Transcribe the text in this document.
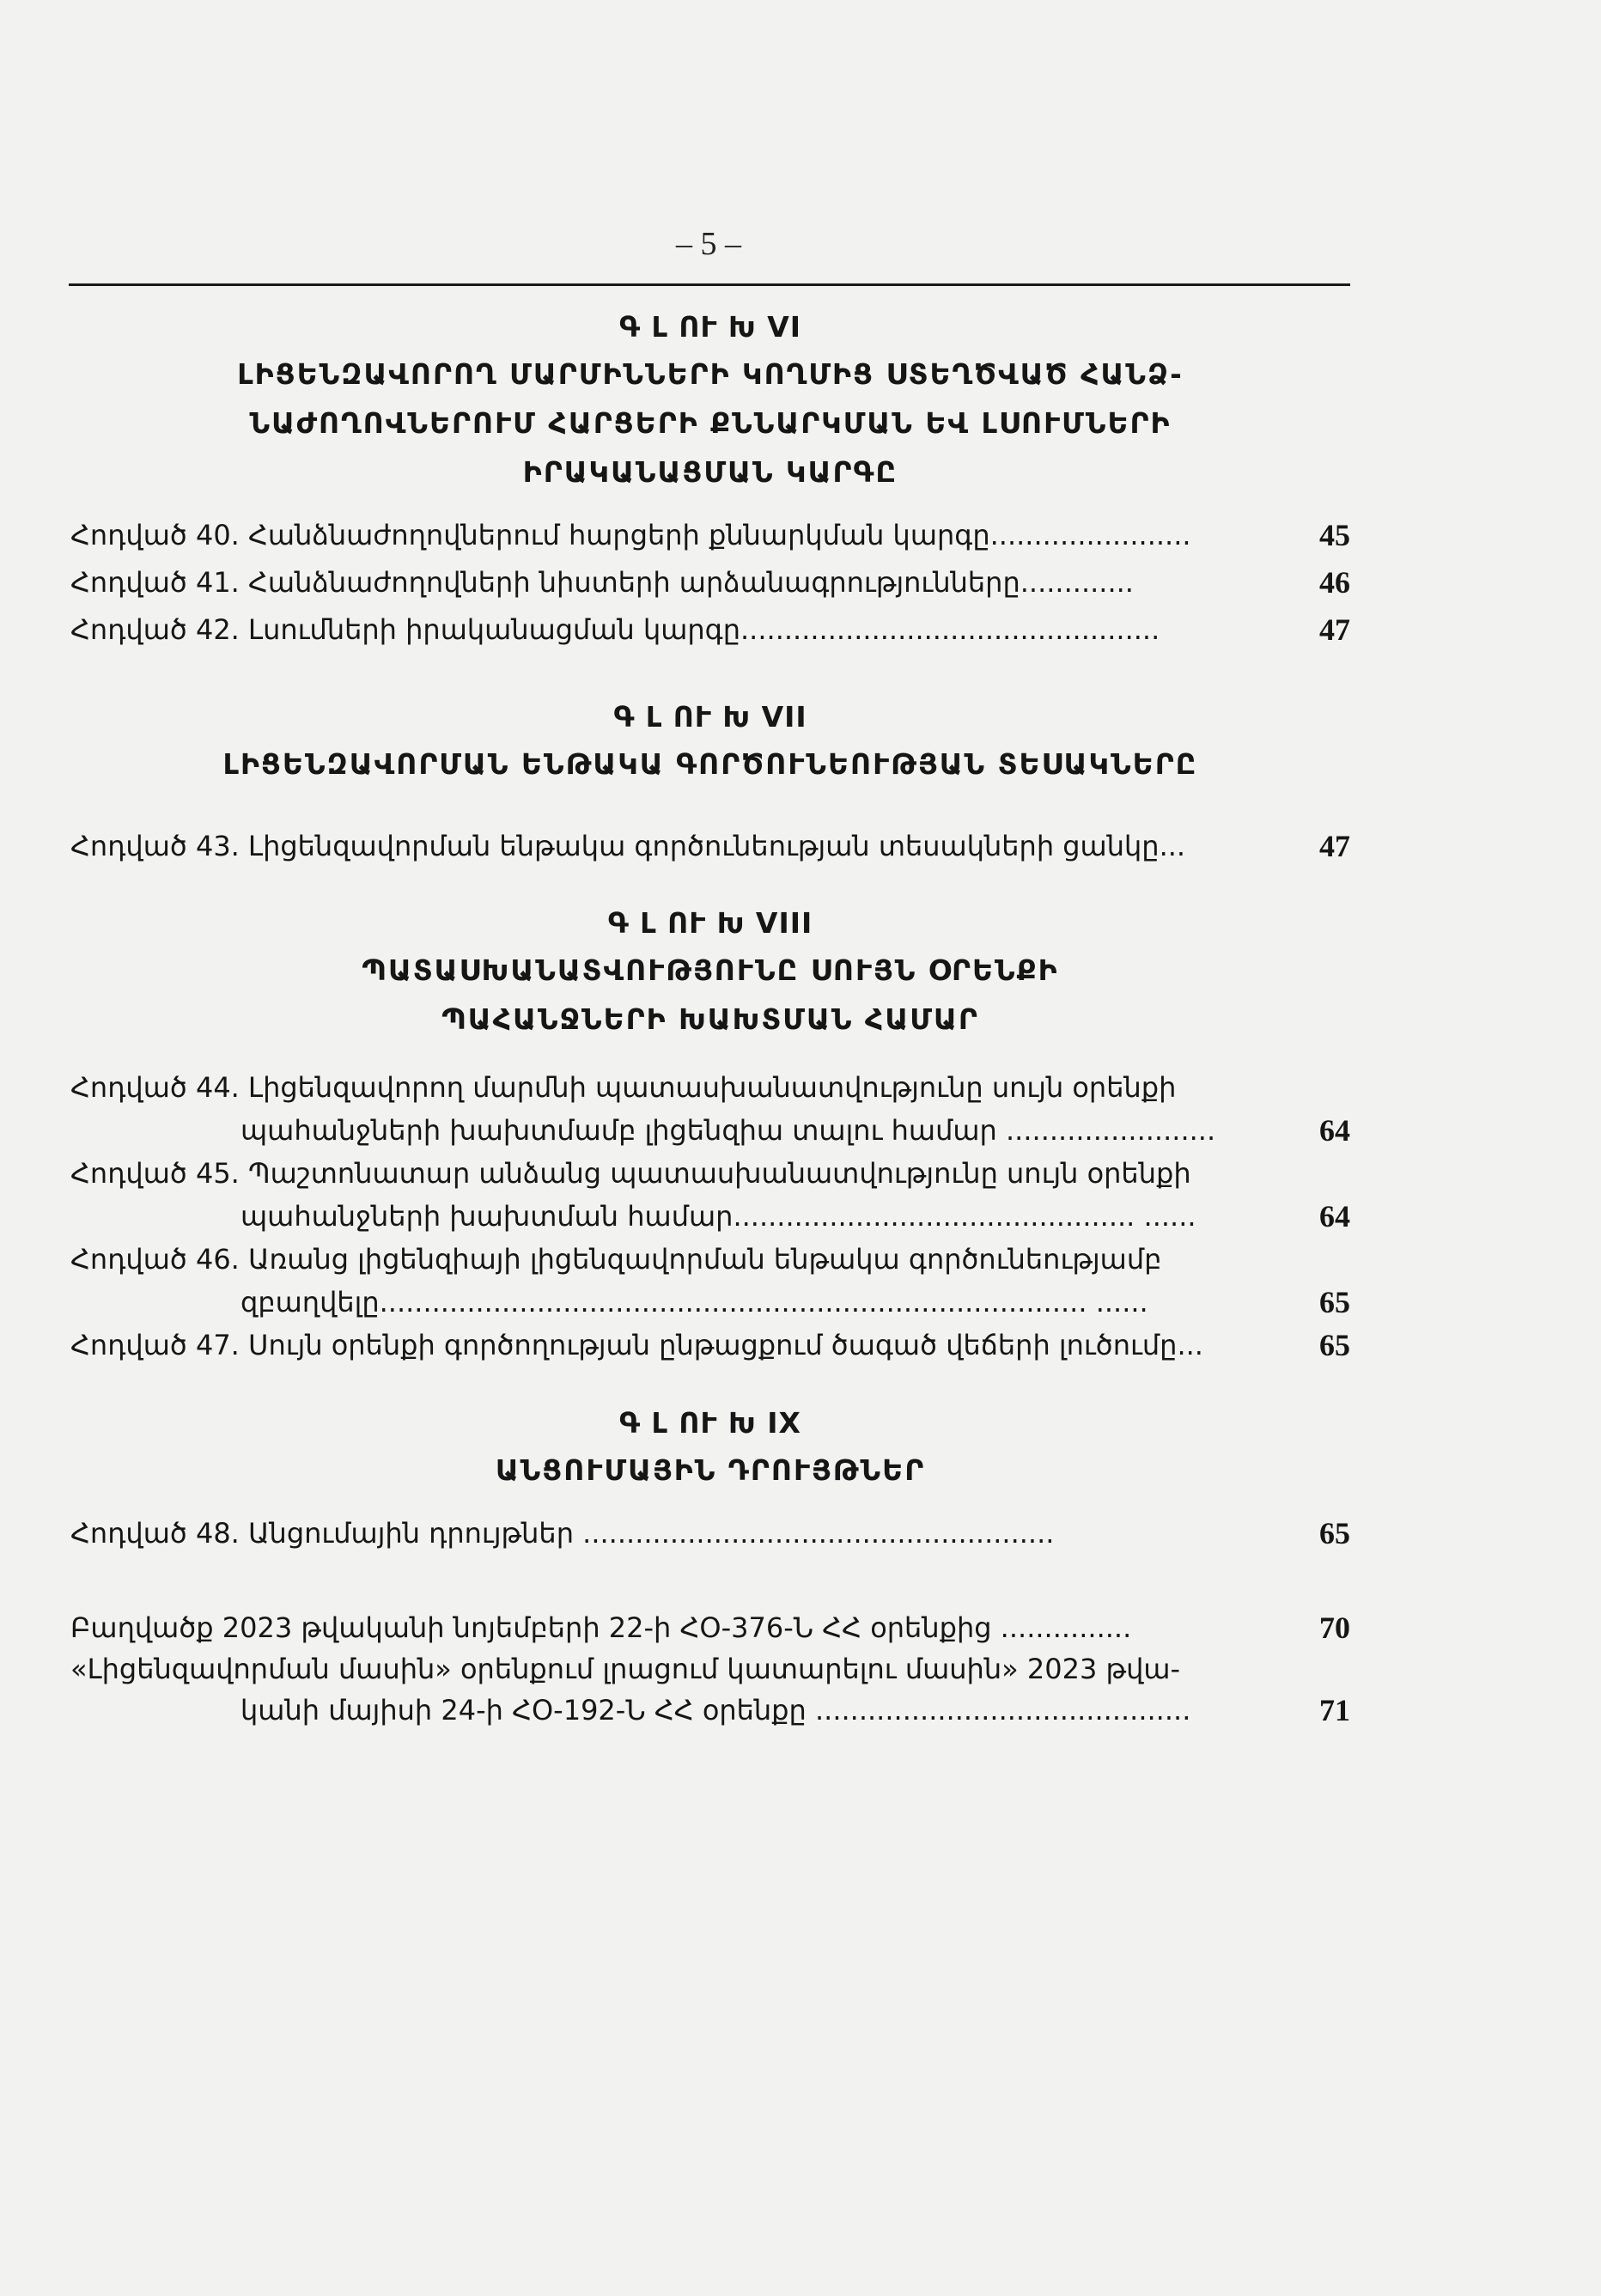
– 5 –
Գ Լ ՈՒ Խ VI
ԼԻՑԵՆԶԱՎՈՐՈՂ ՄԱՐՄԻՆՆԵՐԻ ԿՈՂՄԻՑ ՍՏԵՂԾՎԱԾ ՀԱՆՁ-
ՆԱԺՈՂՈՎՆԵՐՈՒՄ ՀԱՐՑԵՐԻ ՔՆՆԱՐԿՄԱՆ ԵՎ ԼՍՈՒՄՆԵՐԻ
ԻՐԱԿԱՆԱՑՄԱՆ ԿԱՐԳԸ
Հոդված 40. Հանձնաժողովներում հարցերի քննարկման կարգը.......................	45
Հոդված 41. Հանձնաժողովների նիստերի արձանագրությունները.............	46
Հոդված 42. Լսումների իրականացման կարգը................................................	47
Գ Լ ՈՒ Խ VII
ԼԻՑԵՆԶԱՎՈՐՄԱՆ ԵՆԹԱԿԱ ԳՈՐԾՈՒՆԵՈՒԹՅԱՆ ՏԵՍԱԿՆԵՐԸ
Հոդված 43. Լիցենզավորման ենթակա գործունեության տեսակների ցանկը...	47
Գ Լ ՈՒ Խ VIII
ՊԱՏԱՍԽԱՆԱՏՎՈՒԹՅՈՒՆԸ ՍՈՒՅՆ ՕՐԵՆՔԻ
ՊԱՀԱՆՋՆԵՐԻ ԽԱԽՏՄԱՆ ՀԱՄԱՐ
Հոդված 44. Լիցենզավորող մարմնի պատասխանատվությունը սույն օրենքի
պահանջների խախտմամբ լիցենզիա տալու համար ........................	64
Հոդված 45. Պաշտոնատար անձանց պատասխանատվությունը սույն օրենքի
պահանջների խախտման համար.............................................. ......	64
Հոդված 46. Առանց լիցենզիայի լիցենզավորման ենթակա գործունեությամբ
զբաղվելը................................................................................. ......	65
Հոդված 47. Սույն օրենքի գործողության ընթացքում ծագած վեճերի լուծումը...	65
Գ Լ ՈՒ Խ IX
ԱՆՑՈՒՄԱՅԻՆ ԴՐՈՒՅԹՆԵՐ
Հոդված 48. Անցումային դրույթներ ......................................................	65
Բաղվածք 2023 թվականի նոյեմբերի 22-ի ՀՕ-376-Ն ՀՀ օրենքից ...............	70
«Լիցենզավորման մասին» օրենքում լրացում կատարելու մասին» 2023 թվա-
կանի մայիսի 24-ի ՀՕ-192-Ն ՀՀ օրենքը ...........................................	71
